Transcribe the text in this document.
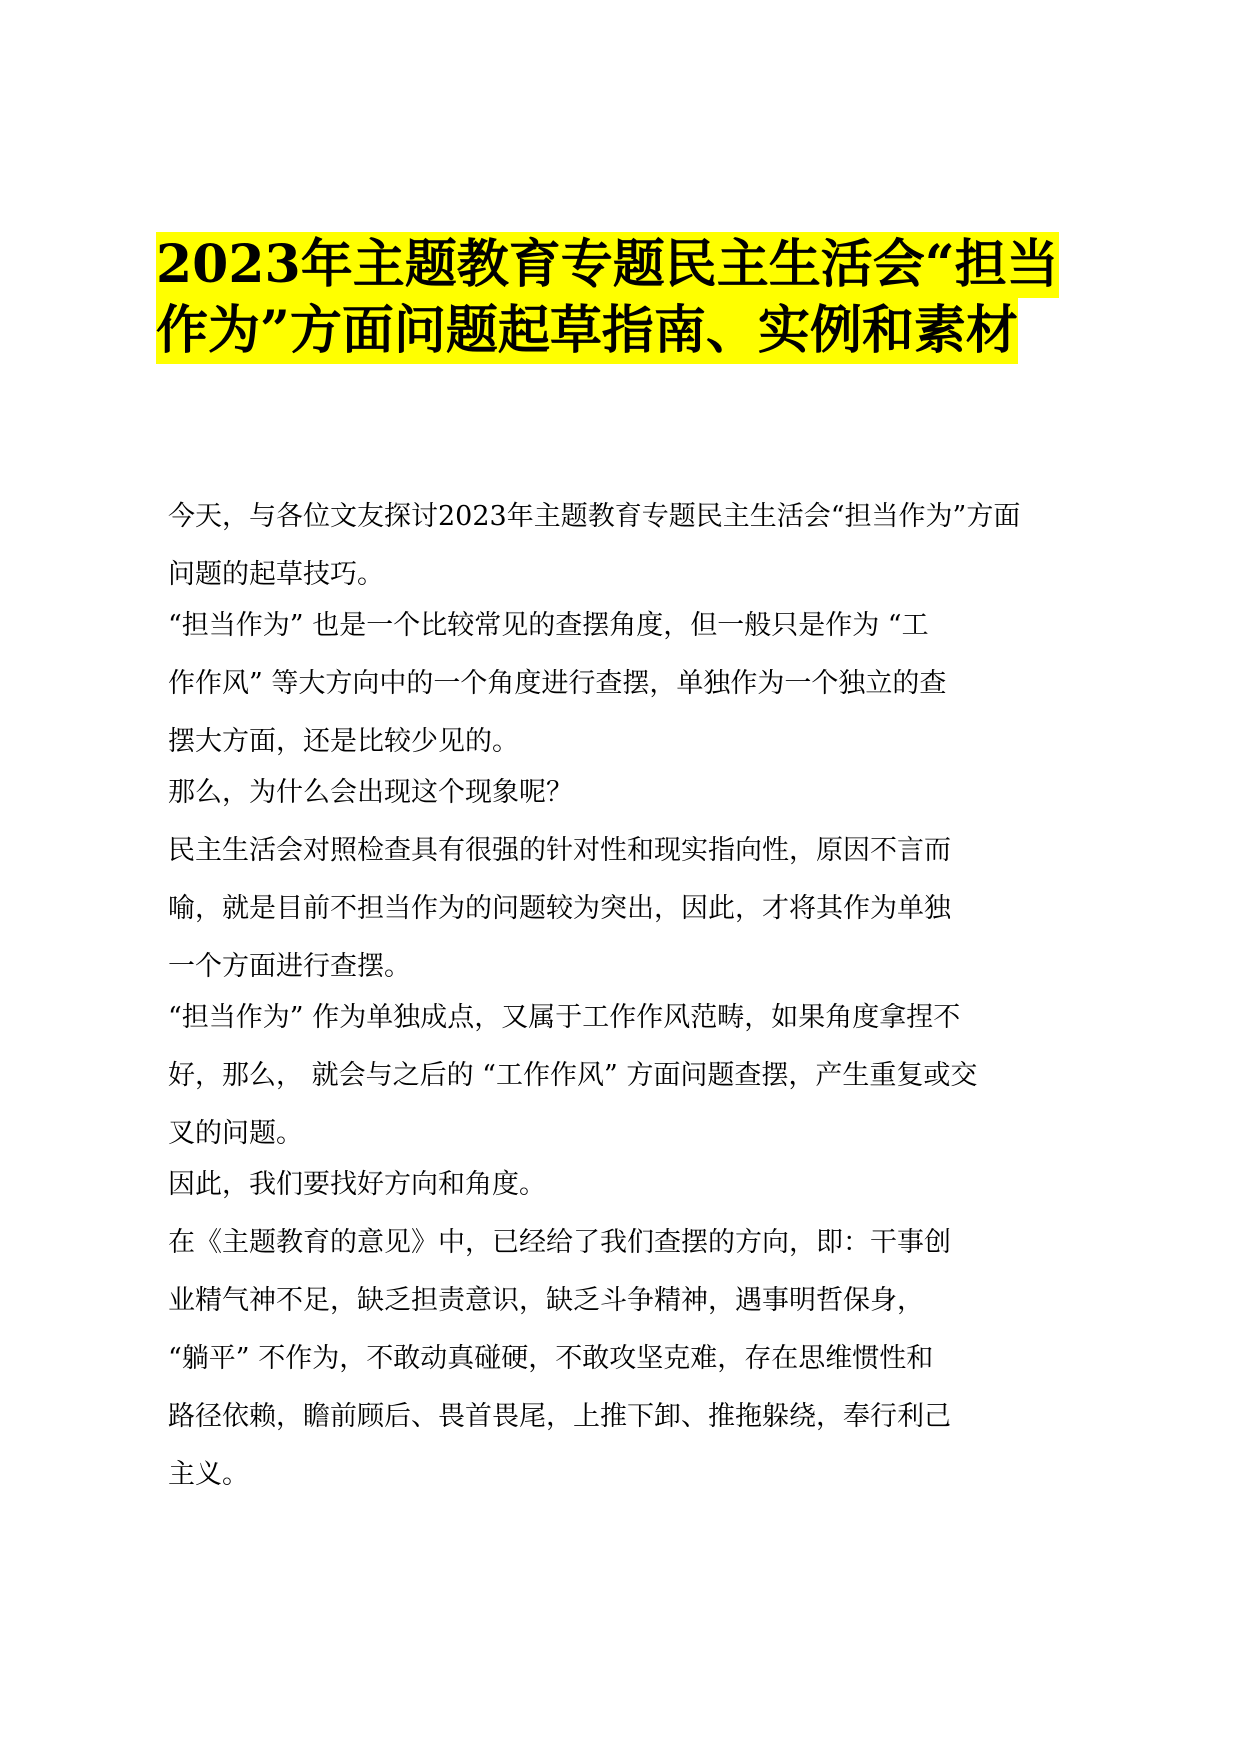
2023年主题教育专题民主生活会“担当
作为”方面问题起草指南、实例和素材
今天，与各位文友探讨2023年主题教育专题民主生活会“担当作为”方面
问题的起草技巧。
“担当作为” 也是一个比较常见的查摆角度，但一般只是作为 “工
作作风” 等大方向中的一个角度进行查摆，单独作为一个独立的查
摆大方面，还是比较少见的。
那么，为什么会出现这个现象呢？
民主生活会对照检查具有很强的针对性和现实指向性，原因不言而
喻，就是目前不担当作为的问题较为突出，因此，才将其作为单独
一个方面进行查摆。
“担当作为” 作为单独成点，又属于工作作风范畴，如果角度拿捏不
好，那么， 就会与之后的 “工作作风” 方面问题查摆，产生重复或交
叉的问题。
因此，我们要找好方向和角度。
在《主题教育的意见》中，已经给了我们查摆的方向，即：干事创
业精气神不足，缺乏担责意识，缺乏斗争精神，遇事明哲保身，
“躺平” 不作为，不敢动真碰硬，不敢攻坚克难，存在思维惯性和
路径依赖，瞻前顾后、畏首畏尾，上推下卸、推拖躲绕，奉行利己
主义。
